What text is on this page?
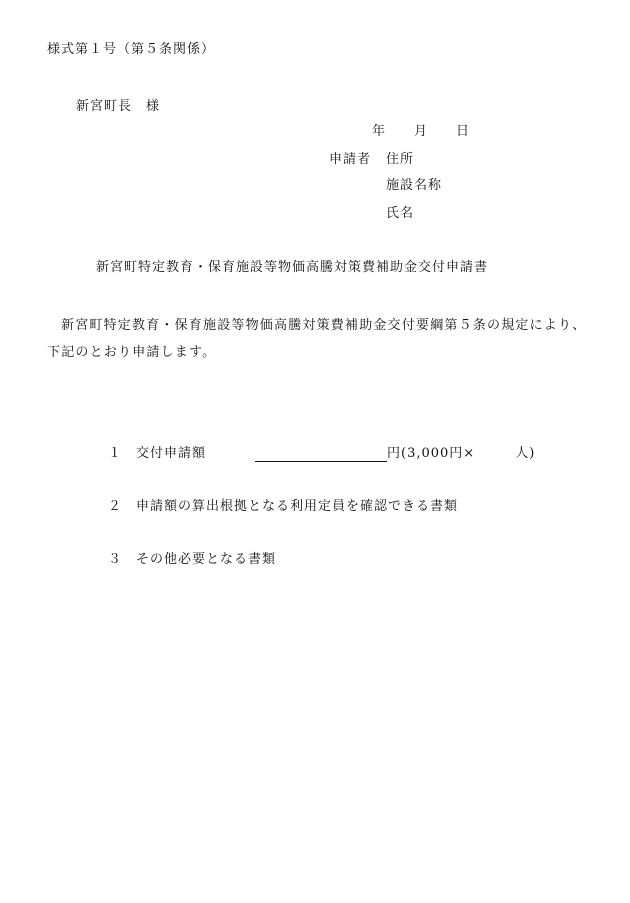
様式第１号（第５条関係）
新宮町長　様
年 月 日
申請者 住所
施設名称
氏名
新宮町特定教育・保育施設等物価高騰対策費補助金交付申請書
新宮町特定教育・保育施設等物価高騰対策費補助金交付要綱第５条の規定により、下記のとおり申請します。
１ 交付申請額	円(3,000円×	人)
２ 申請額の算出根拠となる利用定員を確認できる書類
３ その他必要となる書類
